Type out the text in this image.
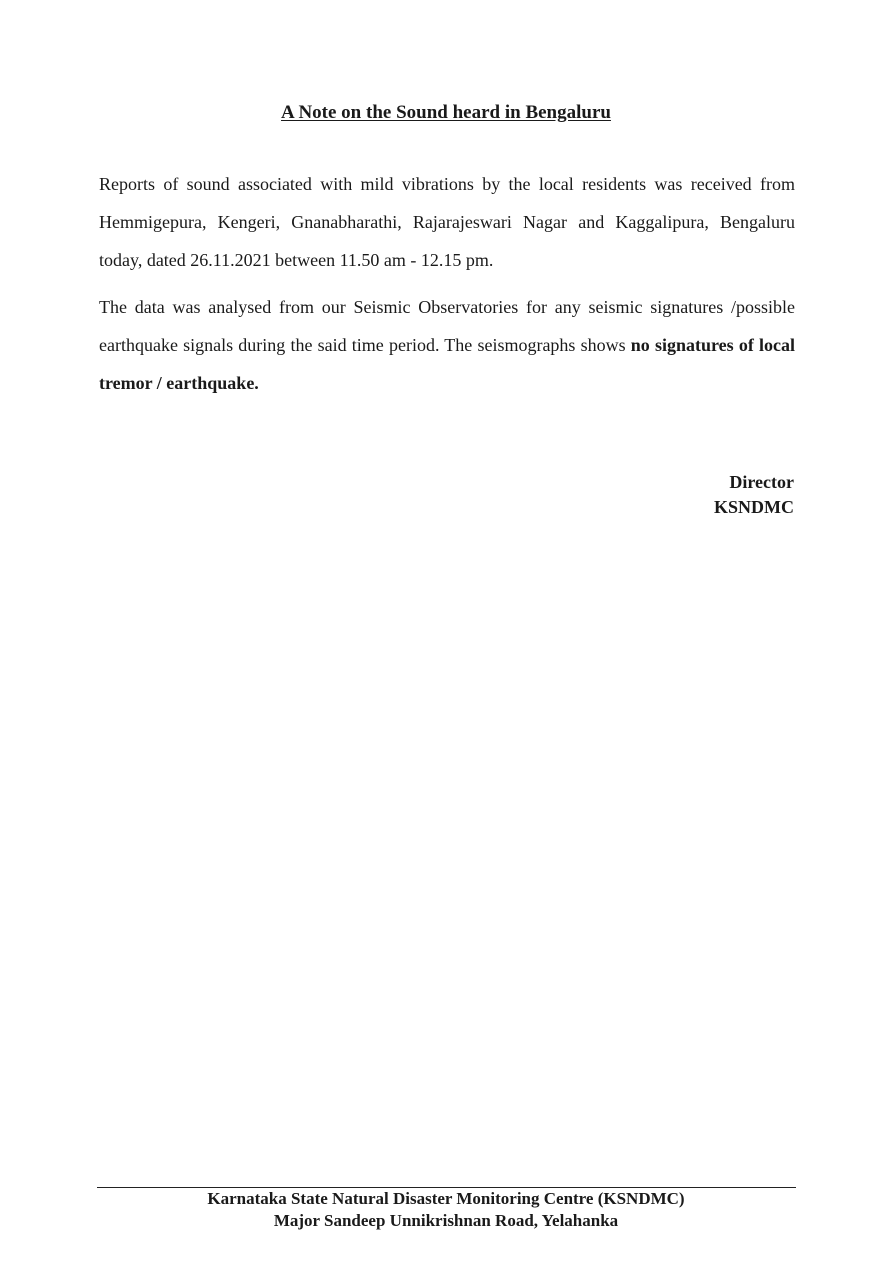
A Note on the Sound heard in Bengaluru

Reports of sound associated with mild vibrations by the local residents was received from Hemmigepura, Kengeri, Gnanabharathi, Rajarajeswari Nagar and Kaggalipura, Bengaluru today, dated 26.11.2021 between 11.50 am - 12.15 pm.

The data was analysed from our Seismic Observatories for any seismic signatures /possible earthquake signals during the said time period. The seismographs shows no signatures of local tremor / earthquake.

Director
KSNDMC
Karnataka State Natural Disaster Monitoring Centre (KSNDMC)
Major Sandeep Unnikrishnan Road, Yelahanka
